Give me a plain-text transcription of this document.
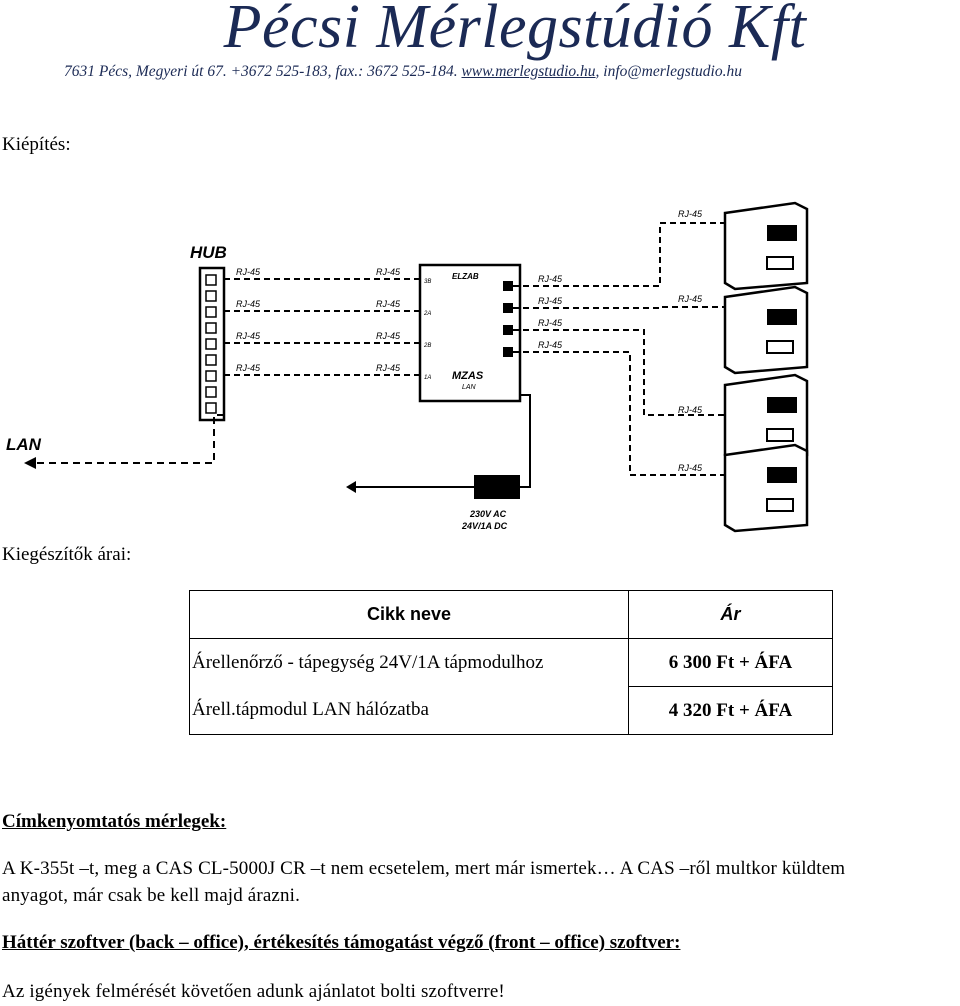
Pécsi Mérlegstúdió Kft
7631 Pécs, Megyeri út 67. +3672 525-183, fax.: 3672 525-184. www.merlegstudio.hu, info@merlegstudio.hu
Kiépítés:
HUB
RJ-45	RJ-45
RJ-45	RJ-45
RJ-45	RJ-45
RJ-45	RJ-45
LAN
ELZAB
3B
2A
2B
1A MZAS
LAN
RJ-45
RJ-45
RJ-45	RJ-45
RJ-45
RJ-45
RJ-45
RJ-45
230V AC
24V/1A DC
Kiegészítők árai:
Cikk neve	Ár
Árellenőrző - tápegység 24V/1A tápmodulhoz	6 300 Ft + ÁFA
Árell.tápmodul LAN hálózatba	4 320 Ft + ÁFA
Címkenyomtatós mérlegek:
A K-355t –t, meg a CAS CL-5000J CR –t nem ecsetelem, mert már ismertek… A CAS –ről multkor küldtem
anyagot, már csak be kell majd árazni.
Háttér szoftver (back – office), értékesítés támogatást végző (front – office) szoftver:
Az igények felmérését követően adunk ajánlatot bolti szoftverre!
